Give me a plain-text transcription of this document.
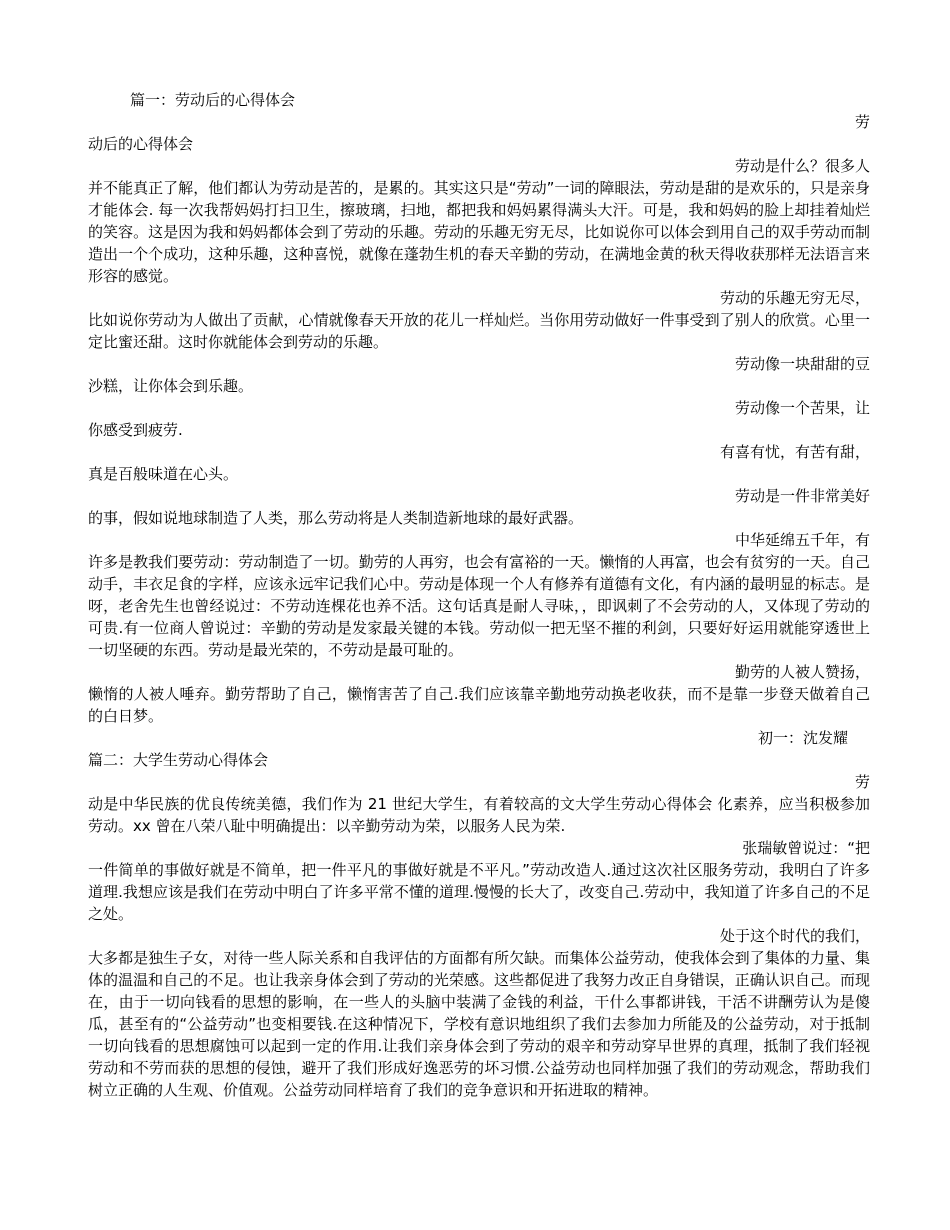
篇一：劳动后的心得体会
劳

动后的心得体会

劳动是什么？很多人

并不能真正了解，他们都认为劳动是苦的，是累的。其实这只是“劳动”一词的障眼法，劳动是甜的是欢乐的，只是亲身才能体会. 每一次我帮妈妈打扫卫生，擦玻璃，扫地，都把我和妈妈累得满头大汗。可是，我和妈妈的脸上却挂着灿烂的笑容。这是因为我和妈妈都体会到了劳动的乐趣。劳动的乐趣无穷无尽，比如说你可以体会到用自己的双手劳动而制造出一个个成功，这种乐趣，这种喜悦，就像在蓬勃生机的春天辛勤的劳动，在满地金黄的秋天得收获那样无法语言来形容的感觉。

劳动的乐趣无穷无尽，

比如说你劳动为人做出了贡献，心情就像春天开放的花儿一样灿烂。当你用劳动做好一件事受到了别人的欣赏。心里一定比蜜还甜。这时你就能体会到劳动的乐趣。

劳动像一块甜甜的豆

沙糕，让你体会到乐趣。

劳动像一个苦果，让

你感受到疲劳.

有喜有忧，有苦有甜，

真是百般味道在心头。

劳动是一件非常美好

的事，假如说地球制造了人类，那么劳动将是人类制造新地球的最好武器。

中华延绵五千年，有

许多是教我们要劳动：劳动制造了一切。勤劳的人再穷，也会有富裕的一天。懒惰的人再富，也会有贫穷的一天。自己动手，丰衣足食的字样，应该永远牢记我们心中。劳动是体现一个人有修养有道德有文化，有内涵的最明显的标志。是呀，老舍先生也曾经说过：不劳动连棵花也养不活。这句话真是耐人寻味，，即讽刺了不会劳动的人，又体现了劳动的可贵.有一位商人曾说过：辛勤的劳动是发家最关键的本钱。劳动似一把无坚不摧的利剑，只要好好运用就能穿透世上一切坚硬的东西。劳动是最光荣的，不劳动是最可耻的。

勤劳的人被人赞扬，

懒惰的人被人唾弃。勤劳帮助了自己，懒惰害苦了自己.我们应该靠辛勤地劳动换老收获，而不是靠一步登天做着自己的白日梦。

初一：沈发耀
篇二：大学生劳动心得体会
劳

动是中华民族的优良传统美德，我们作为 21 世纪大学生，有着较高的文大学生劳动心得体会 化素养，应当积极参加劳动。xx 曾在八荣八耻中明确提出：以辛勤劳动为荣，以服务人民为荣.

张瑞敏曾说过：“把

一件简单的事做好就是不简单，把一件平凡的事做好就是不平凡。”劳动改造人.通过这次社区服务劳动，我明白了许多道理.我想应该是我们在劳动中明白了许多平常不懂的道理.慢慢的长大了，改变自己.劳动中，我知道了许多自己的不足之处。

处于这个时代的我们，

大多都是独生子女，对待一些人际关系和自我评估的方面都有所欠缺。而集体公益劳动，使我体会到了集体的力量、集体的温温和自己的不足。也让我亲身体会到了劳动的光荣感。这些都促进了我努力改正自身错误，正确认识自己。而现在，由于一切向钱看的思想的影响，在一些人的头脑中装满了金钱的利益，干什么事都讲钱，干活不讲酬劳认为是傻瓜，甚至有的“公益劳动”也变相要钱.在这种情况下，学校有意识地组织了我们去参加力所能及的公益劳动，对于抵制一切向钱看的思想腐蚀可以起到一定的作用.让我们亲身体会到了劳动的艰辛和劳动穿早世界的真理，抵制了我们轻视劳动和不劳而获的思想的侵蚀，避开了我们形成好逸恶劳的坏习惯.公益劳动也同样加强了我们的劳动观念，帮助我们树立正确的人生观、价值观。公益劳动同样培育了我们的竞争意识和开拓进取的精神。
